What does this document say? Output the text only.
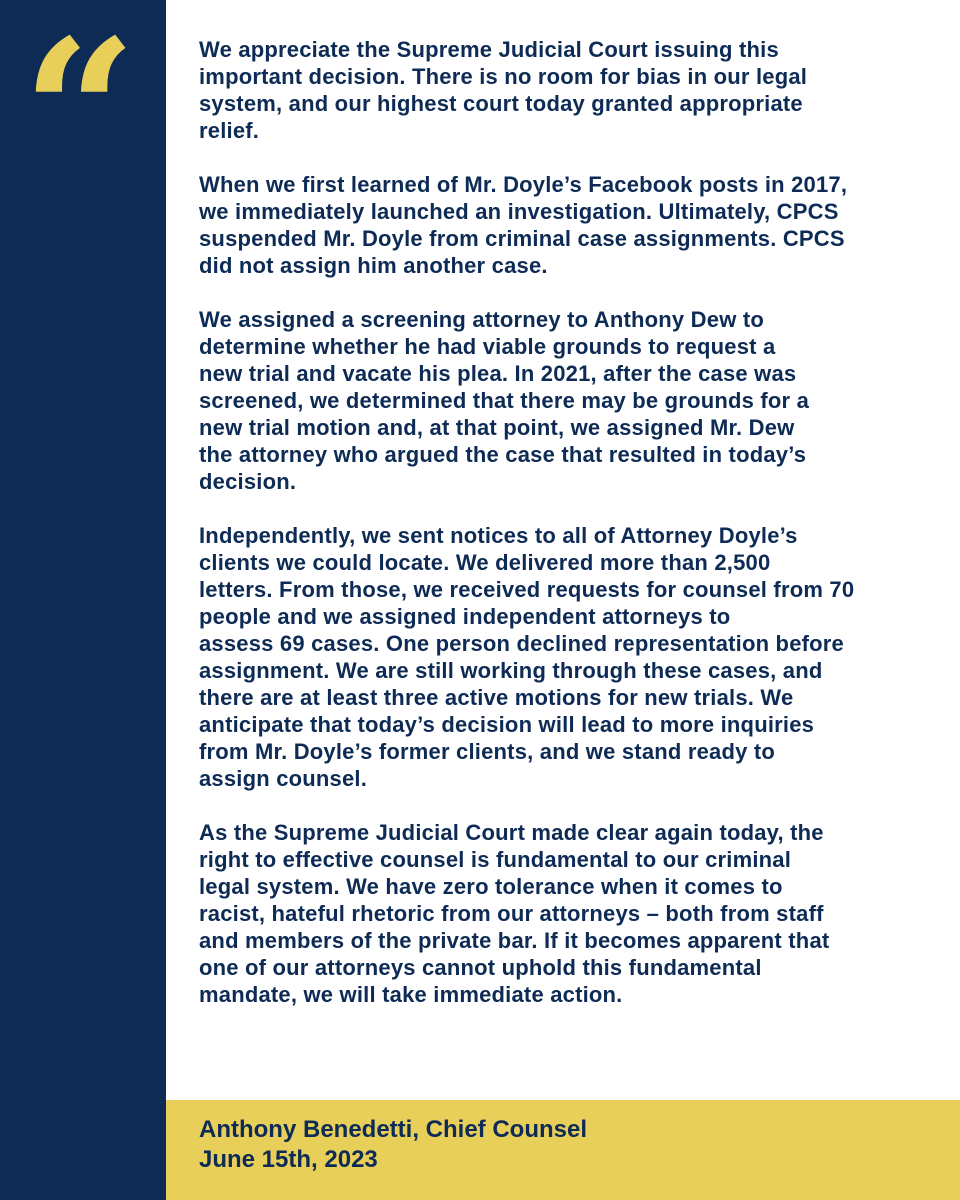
“	We appreciate the Supreme Judicial Court issuing this
important decision. There is no room for bias in our legal
system, and our highest court today granted appropriate
relief.

When we first learned of Mr. Doyle’s Facebook posts in 2017,
we immediately launched an investigation. Ultimately, CPCS
suspended Mr. Doyle from criminal case assignments. CPCS
did not assign him another case.

We assigned a screening attorney to Anthony Dew to
determine whether he had viable grounds to request a
new trial and vacate his plea. In 2021, after the case was
screened, we determined that there may be grounds for a
new trial motion and, at that point, we assigned Mr. Dew
the attorney who argued the case that resulted in today’s
decision.

Independently, we sent notices to all of Attorney Doyle’s
clients we could locate. We delivered more than 2,500
letters. From those, we received requests for counsel from 70
people and we assigned independent attorneys to
assess 69 cases. One person declined representation before
assignment. We are still working through these cases, and
there are at least three active motions for new trials. We
anticipate that today’s decision will lead to more inquiries
from Mr. Doyle’s former clients, and we stand ready to
assign counsel.

As the Supreme Judicial Court made clear again today, the
right to effective counsel is fundamental to our criminal
legal system. We have zero tolerance when it comes to
racist, hateful rhetoric from our attorneys – both from staff
and members of the private bar. If it becomes apparent that
one of our attorneys cannot uphold this fundamental
mandate, we will take immediate action.

Anthony Benedetti, Chief Counsel
June 15th, 2023
